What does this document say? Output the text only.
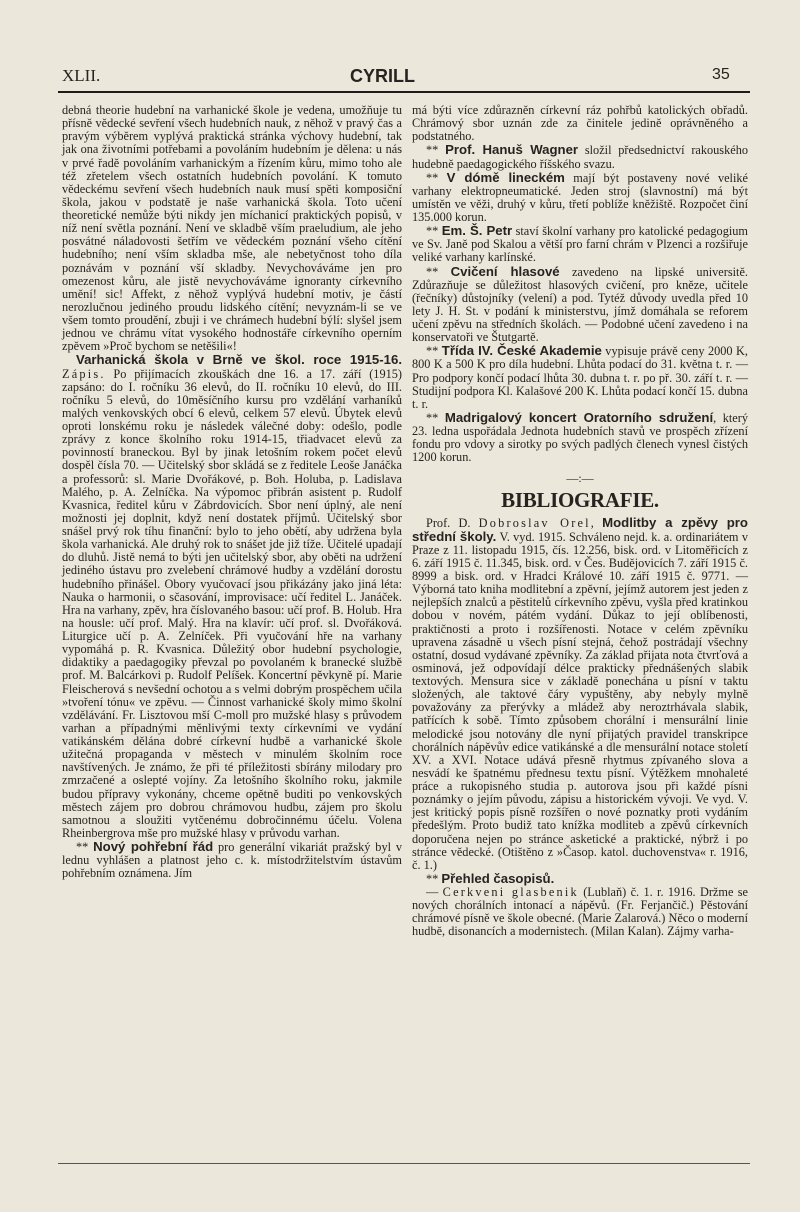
XLII.	CYRILL	35

debná theorie hudební na varhanické škole je vedena, umožňuje tu přísně vědecké sevření všech hudebních nauk, z něhož v pravý čas a pravým výběrem vyplývá praktická stránka výchovy hudební, tak jak ona životními potřebami a povoláním hudebním je dělena: u nás v prvé řadě povoláním varhanickým a řízením kůru, mimo toho ale též zřetelem všech ostatních hudebních povolání. K tomuto vědeckému sevření všech hudebních nauk musí spěti komposiční škola, jakou v podstatě je naše varhanická škola. Toto učení theoretické nemůže býti nikdy jen míchanicí praktických popisů, v níž není světla poznání. Není ve skladbě vším praeludium, ale jeho posvátné náladovosti šetřím ve vědeckém poznání všeho cítění hudebního; není vším skladba mše, ale nebetyčnost toho díla poznávám v poznání vší skladby. Nevychováváme jen pro omezenost kůru, ale jistě nevychováváme ignoranty církevního umění! sic! Affekt, z něhož vyplývá hudební motiv, je částí nerozlučnou jediného proudu lidského cítění; nevyznám-li se ve všem tomto proudění, zbuji i ve chrámech hudební býlí: slyšel jsem jednou ve chrámu vítat vysokého hodnostáře církevního operním zpěvem »Proč bychom se netěšili«!

Varhanická škola v Brně ve škol. roce 1915-16. Zápis. Po přijímacích zkouškách dne 16. a 17. září (1915) zapsáno: do I. ročníku 36 elevů, do II. ročníku 10 elevů, do III. ročníku 5 elevů, do 10měsíčního kursu pro vzdělání varhaníků malých venkovských obcí 6 elevů, celkem 57 elevů. Úbytek elevů oproti lonskému roku je následek válečné doby: odešlo, podle zprávy z konce školního roku 1914-15, třiadvacet elevů za povinností braneckou. Byl by jinak letošním rokem počet elevů dospěl čísla 70. — Učitelský sbor skládá se z ředitele Leoše Janáčka a professorů: sl. Marie Dvořákové, p. Boh. Holuba, p. Ladislava Malého, p. A. Zelníčka. Na výpomoc přibrán asistent p. Rudolf Kvasnica, ředitel kůru v Zábrdovicích. Sbor není úplný, ale není možnosti jej doplnit, když není dostatek příjmů. Učitelský sbor snášel prvý rok tíhu finanční: bylo to jeho obětí, aby udržena byla škola varhanická. Ale druhý rok to snášet jde již tíže. Učitelé upadají do dluhů. Jistě nemá to býti jen učitelský sbor, aby oběti na udržení jediného ústavu pro zvelebení chrámové hudby a vzdělání dorostu hudebního přinášel. Obory vyučovací jsou přikázány jako jiná léta: Nauka o harmonii, o sčasování, improvisace: učí ředitel L. Janáček. Hra na varhany, zpěv, hra číslovaného basou: učí prof. B. Holub. Hra na housle: učí prof. Malý. Hra na klavír: učí prof. sl. Dvořáková. Liturgice učí p. A. Zelníček. Při vyučování hře na varhany vypomáhá p. R. Kvasnica. Důležitý obor hudební psychologie, didaktiky a paedagogiky převzal po povolaném k branecké službě prof. M. Balcárkovi p. Rudolf Pelíšek. Koncertní pěvkyně pí. Marie Fleischerová s nevšední ochotou a s velmi dobrým prospěchem učila »tvoření tónu« ve zpěvu. — Činnost varhanické školy mimo školní vzdělávání. Fr. Lisztovou mší C-moll pro mužské hlasy s průvodem varhan a případnými měnlivými texty církevními ve vydání vatikánském dělána dobré církevní hudbě a varhanické škole užitečná propaganda v městech v minulém školním roce navštívených. Je známo, že při té příležitosti sbírány milodary pro zmrzačené a oslepté vojíny. Za letošního školního roku, jakmile budou přípravy vykonány, chceme opětně buditi po venkovských městech zájem pro dobrou chrámovou hudbu, zájem pro školu samotnou a sloužiti vytčenému dobročinnému účelu. Volena Rheinbergrova mše pro mužské hlasy v průvodu varhan.

** Nový pohřební řád pro generální vikariát pražský byl v lednu vyhlášen a platnost jeho c. k. místodržitelstvím ústavům pohřebním oznámena. Jím

má býti více zdůrazněn církevní ráz pohřbů katolických obřadů. Chrámový sbor uznán zde za činitele jedině oprávněného a podstatného.

** Prof. Hanuš Wagner složil předsednictví rakouského hudebně paedagogického říšského svazu.

** V dómě lineckém mají být postaveny nové veliké varhany elektropneumatické. Jeden stroj (slavnostní) má být umístěn ve věži, druhý v kůru, třetí poblíže kněžiště. Rozpočet činí 135.000 korun.

** Em. Š. Petr staví školní varhany pro katolické pedagogium ve Sv. Janě pod Skalou a větší pro farní chrám v Plzenci a rozšiřuje veliké varhany karlínské.

** Cvičení hlasové zavedeno na lipské universitě. Zdůrazňuje se důležitost hlasových cvičení, pro kněze, učitele (řečníky) důstojníky (velení) a pod. Tytéž důvody uvedla před 10 lety J. H. St. v podání k ministerstvu, jímž domáhala se reforem učení zpěvu na středních školách. — Podobné učení zavedeno i na konservatoři ve Štutgartě.

** Třída IV. České Akademie vypisuje právě ceny 2000 K, 800 K a 500 K pro díla hudební. Lhůta podací do 31. května t. r. — Pro podpory končí podací lhůta 30. dubna t. r. po př. 30. září t. r. — Studijní podpora Kl. Kalašové 200 K. Lhůta podací končí 15. dubna t. r.

** Madrigalový koncert Oratorního sdružení, který 23. ledna uspořádala Jednota hudebních stavů ve prospěch zřízení fondu pro vdovy a sirotky po svých padlých členech vynesl čistých 1200 korun.

—:—
BIBLIOGRAFIE.

Prof. D. Dobroslav Orel, Modlitby a zpěvy pro střední školy. V. vyd. 1915. Schváleno nejd. k. a. ordinariátem v Praze z 11. listopadu 1915, čís. 12.256, bisk. ord. v Litoměřicích z 6. září 1915 č. 11.345, bisk. ord. v Čes. Budějovicích 7. září 1915 č. 8999 a bisk. ord. v Hradci Králové 10. září 1915 č. 9771. — Výborná tato kniha modlitební a zpěvní, jejímž autorem jest jeden z nejlepších znalců a pěstitelů církevního zpěvu, vyšla před kratinkou dobou v novém, pátém vydání. Důkaz to její oblíbenosti, praktičnosti a proto i rozšířenosti. Notace v celém zpěvníku upravena zásadně u všech písní stejná, čehož postrádají všechny ostatní, dosud vydávané zpěvníky. Za základ přijata nota čtvrťová a osminová, jež odpovídají délce prakticky přednášených slabik textových. Mensura sice v základě ponechána u písní v taktu složených, ale taktové čáry vypuštěny, aby nebyly mylně považovány za přerývky a mládež aby neroztrhávala slabik, patřících k sobě. Tímto způsobem chorální i mensurální linie melodické jsou notovány dle nyní přijatých pravidel transkripce chorálních nápěvův edice vatikánské a dle mensurální notace století XV. a XVI. Notace udává přesně rhytmus zpívaného slova a nesvádí ke špatnému přednesu textu písní. Výtěžkem mnohaleté práce a rukopisného studia p. autorova jsou při každé písni poznámky o jejím původu, zápisu a historickém vývoji. Ve vyd. V. jest kritický popis písně rozšířen o nové poznatky proti vydáním předešlým. Proto budiž tato knížka modliteb a zpěvů církevních doporučena nejen po stránce asketické a praktické, nýbrž i po stránce vědecké. (Otištěno z »Časop. katol. duchovenstva« r. 1916, č. 1.)

** Přehled časopisů.

— Cerkveni glasbenik (Lublaň) č. 1. r. 1916. Držme se nových chorálních intonací a nápěvů. (Fr. Ferjančič.) Pěstování chrámové písně ve škole obecné. (Marie Zalarová.) Něco o moderní hudbě, disonancích a modernistech. (Milan Kalan). Zájmy varha-
